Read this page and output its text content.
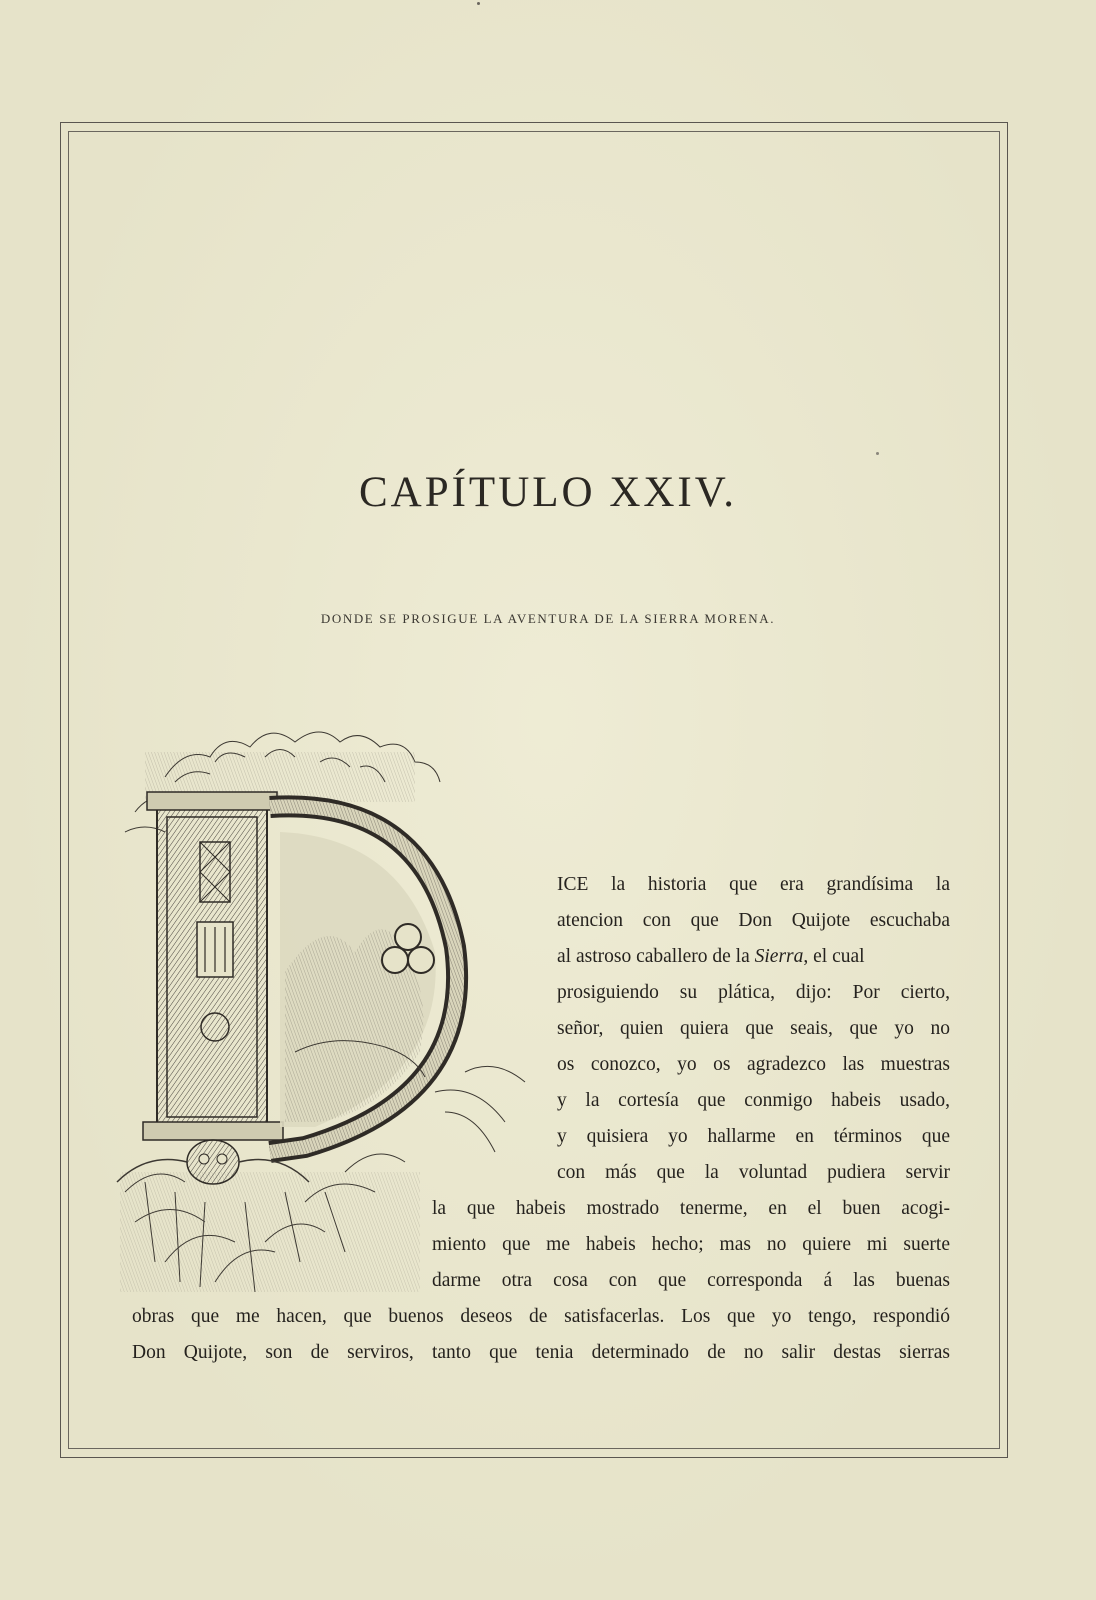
CAPÍTULO XXIV.

DONDE SE PROSIGUE LA AVENTURA DE LA SIERRA MORENA.

ICE la historia que era grandísima la
atencion con que Don Quijote escuchaba
al astroso caballero de la Sierra, el cual
prosiguiendo su plática, dijo: Por cierto,
señor, quien quiera que seais, que yo no
os conozco, yo os agradezco las muestras
y la cortesía que conmigo habeis usado,
y quisiera yo hallarme en términos que
con más que la voluntad pudiera servir
la que habeis mostrado tenerme, en el buen acogi-
miento que me habeis hecho; mas no quiere mi suerte
darme otra cosa con que corresponda á las buenas
obras que me hacen, que buenos deseos de satisfacerlas. Los que yo tengo, respondió
Don Quijote, son de serviros, tanto que tenia determinado de no salir destas sierras
